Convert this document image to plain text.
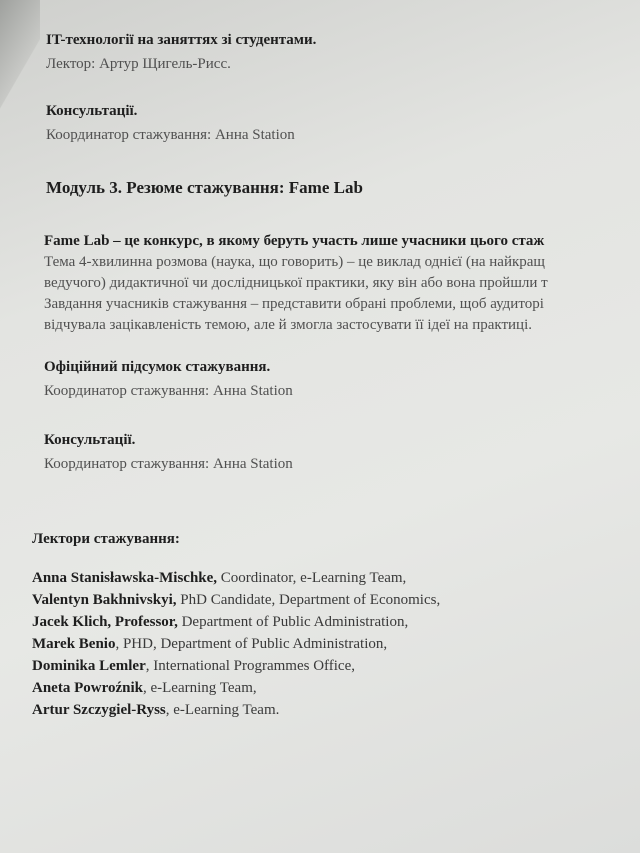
IT-технології на заняттях зі студентами.
Лектор: Артур Щигель-Рисс.
Консультації.
Координатор стажування: Анна Station
Модуль 3. Резюме стажування: Fame Lab
Fame Lab – це конкурс, в якому беруть участь лише учасники цього стаж
Тема 4-хвилинна розмова (наука, що говорить) – це виклад однієї (на найкращ
ведучого) дидактичної чи дослідницької практики, яку він або вона пройшли т
Завдання учасників стажування – представити обрані проблеми, щоб аудиторі
відчувала зацікавленість темою, але й змогла застосувати її ідеї на практиці.
Офіційний підсумок стажування.
Координатор стажування: Анна Station
Консультації.
Координатор стажування: Анна Station
Лектори стажування:
Anna Stanisławska-Mischke, Coordinator, e-Learning Team,
Valentyn Bakhnivskyi, PhD Candidate, Department of Economics,
Jacek Klich, Professor, Department of Public Administration,
Marek Benio, PHD, Department of Public Administration,
Dominika Lemler, International Programmes Office,
Aneta Powroźnik, e-Learning Team,
Artur Szczygiel-Ryss, e-Learning Team.
